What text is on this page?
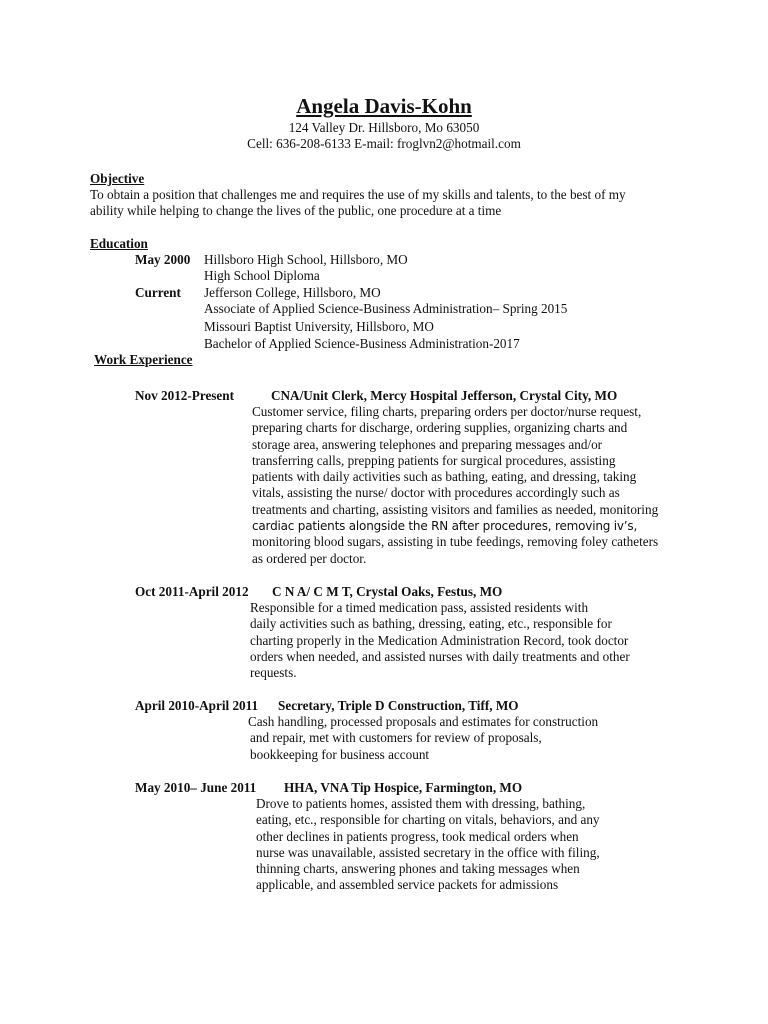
Angela Davis-Kohn
124 Valley Dr. Hillsboro, Mo 63050
Cell: 636-208-6133 E-mail: froglvn2@hotmail.com
Objective
To obtain a position that challenges me and requires the use of my skills and talents, to the best of my
ability while helping to change the lives of the public, one procedure at a time
Education
May 2000 Hillsboro High School, Hillsboro, MO
High School Diploma
Current Jefferson College, Hillsboro, MO
Associate of Applied Science-Business Administration– Spring 2015
Missouri Baptist University, Hillsboro, MO
Bachelor of Applied Science-Business Administration-2017
Work Experience
Nov 2012-Present	CNA/Unit Clerk, Mercy Hospital Jefferson, Crystal City, MO
Customer service, filing charts, preparing orders per doctor/nurse request,
preparing charts for discharge, ordering supplies, organizing charts and
storage area, answering telephones and preparing messages and/or
transferring calls, prepping patients for surgical procedures, assisting
patients with daily activities such as bathing, eating, and dressing, taking
vitals, assisting the nurse/ doctor with procedures accordingly such as
treatments and charting, assisting visitors and families as needed, monitoring
cardiac patients alongside the RN after procedures, removing iv’s,
monitoring blood sugars, assisting in tube feedings, removing foley catheters
as ordered per doctor.
Oct 2011-April 2012 C N A/ C M T, Crystal Oaks, Festus, MO
Responsible for a timed medication pass, assisted residents with
daily activities such as bathing, dressing, eating, etc., responsible for
charting properly in the Medication Administration Record, took doctor
orders when needed, and assisted nurses with daily treatments and other
requests.
April 2010-April 2011 Secretary, Triple D Construction, Tiff, MO
Cash handling, processed proposals and estimates for construction
and repair, met with customers for review of proposals,
bookkeeping for business account
May 2010– June 2011 HHA, VNA Tip Hospice, Farmington, MO
Drove to patients homes, assisted them with dressing, bathing,
eating, etc., responsible for charting on vitals, behaviors, and any
other declines in patients progress, took medical orders when
nurse was unavailable, assisted secretary in the office with filing,
thinning charts, answering phones and taking messages when
applicable, and assembled service packets for admissions
